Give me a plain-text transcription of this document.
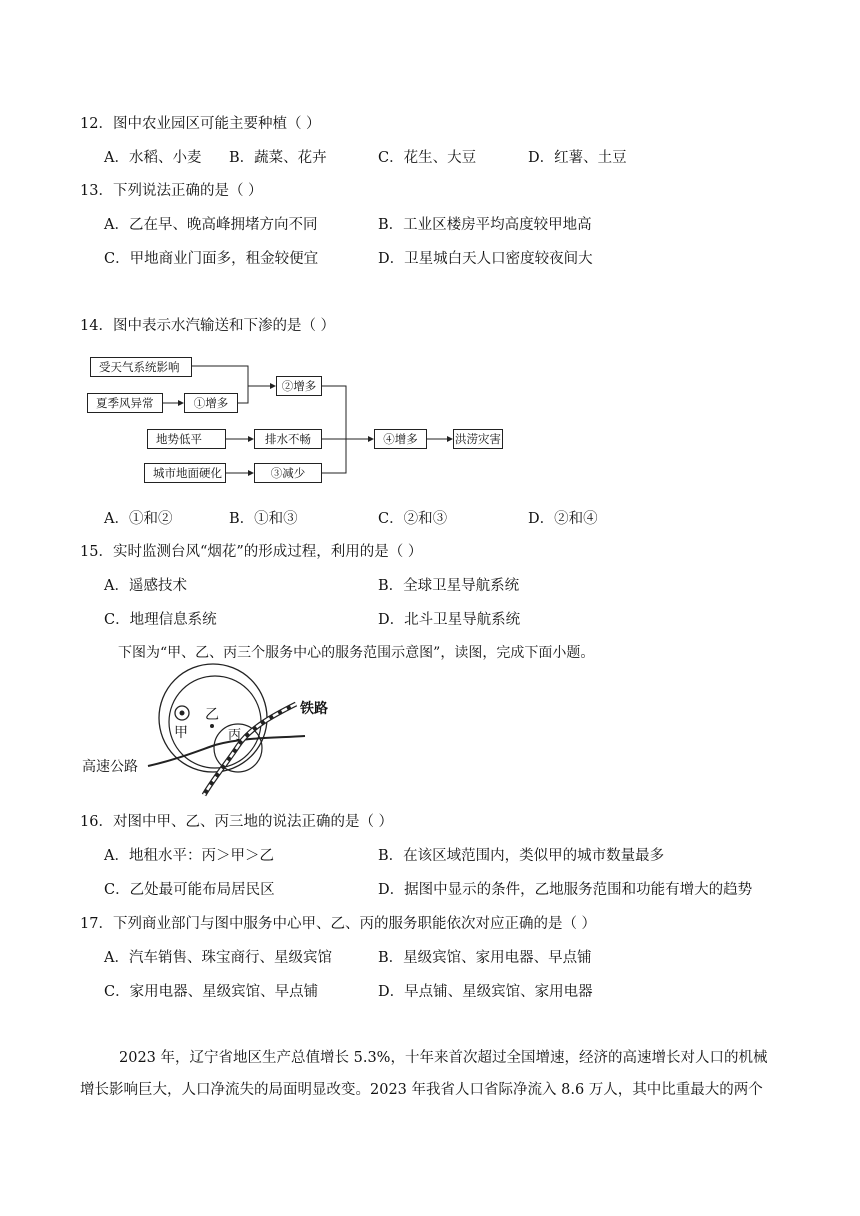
12．图中农业园区可能主要种植（ ）
A．水稻、小麦 B．蔬菜、花卉	C．花生、大豆	D．红薯、土豆
13．下列说法正确的是（ ）
A．乙在早、晚高峰拥堵方向不同	B．工业区楼房平均高度较甲地高
C．甲地商业门面多，租金较便宜	D．卫星城白天人口密度较夜间大
14．图中表示水汽输送和下渗的是（ ）
受天气系统影响
夏季风异常	①增多
②增多
地势低平	排水不畅
城市地面硬化	③减少
④增多	洪涝灾害
A．①和②	B．①和③	C．②和③	D．②和④
15．实时监测台风“烟花”的形成过程，利用的是（ ）
A．遥感技术	B．全球卫星导航系统
C．地理信息系统	D．北斗卫星导航系统
下图为“甲、乙、丙三个服务中心的服务范围示意图”，读图，完成下面小题。
甲
乙
丙
铁路
高速公路
16．对图中甲、乙、丙三地的说法正确的是（ ）
A．地租水平：丙＞甲＞乙	B．在该区域范围内，类似甲的城市数量最多
C．乙处最可能布局居民区	D．据图中显示的条件，乙地服务范围和功能有增大的趋势
17．下列商业部门与图中服务中心甲、乙、丙的服务职能依次对应正确的是（ ）
A．汽车销售、珠宝商行、星级宾馆	B．星级宾馆、家用电器、早点铺
C．家用电器、星级宾馆、早点铺	D．早点铺、星级宾馆、家用电器
2023 年，辽宁省地区生产总值增长 5.3%，十年来首次超过全国增速，经济的高速增长对人口的机械增长影响巨大，人口净流失的局面明显改变。2023 年我省人口省际净流入 8.6 万人，其中比重最大的两个
